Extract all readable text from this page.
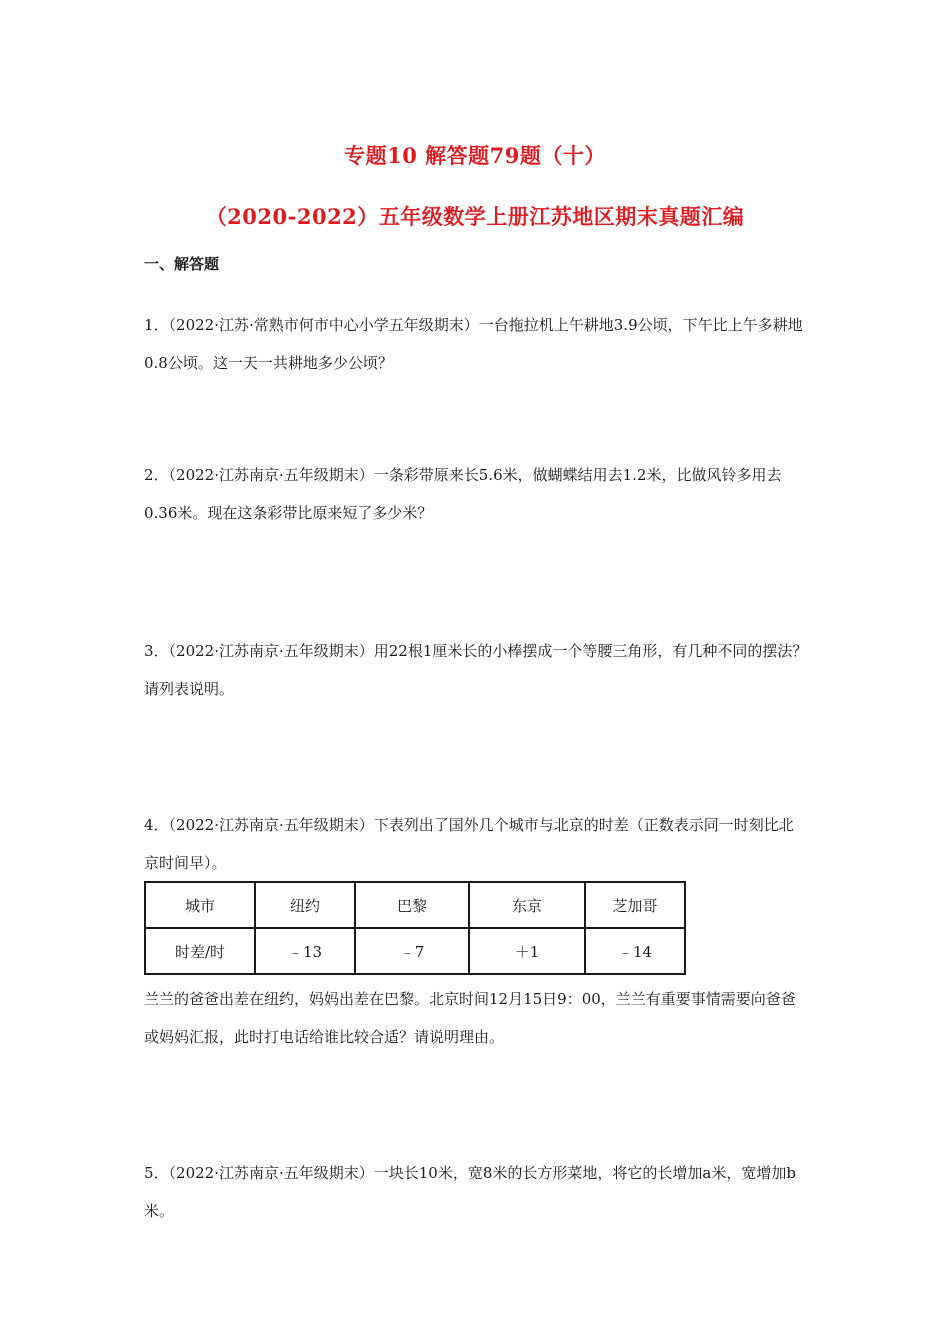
专题10 解答题79题（十）
（2020-2022）五年级数学上册江苏地区期末真题汇编
一、解答题
1．（2022·江苏·常熟市何市中心小学五年级期末）一台拖拉机上午耕地3.9公顷，下午比上午多耕地0.8公顷。这一天一共耕地多少公顷？
2．（2022·江苏南京·五年级期末）一条彩带原来长5.6米，做蝴蝶结用去1.2米，比做风铃多用去0.36米。现在这条彩带比原来短了多少米？
3．（2022·江苏南京·五年级期末）用22根1厘米长的小棒摆成一个等腰三角形，有几种不同的摆法？请列表说明。
4．（2022·江苏南京·五年级期末）下表列出了国外几个城市与北京的时差（正数表示同一时刻比北京时间早）。
城市	纽约	巴黎	东京	芝加哥
时差/时	﹣13	﹣7	＋1	﹣14
兰兰的爸爸出差在纽约，妈妈出差在巴黎。北京时间12月15日9：00，兰兰有重要事情需要向爸爸或妈妈汇报，此时打电话给谁比较合适？请说明理由。
5．（2022·江苏南京·五年级期末）一块长10米，宽8米的长方形菜地，将它的长增加a米，宽增加b米。
